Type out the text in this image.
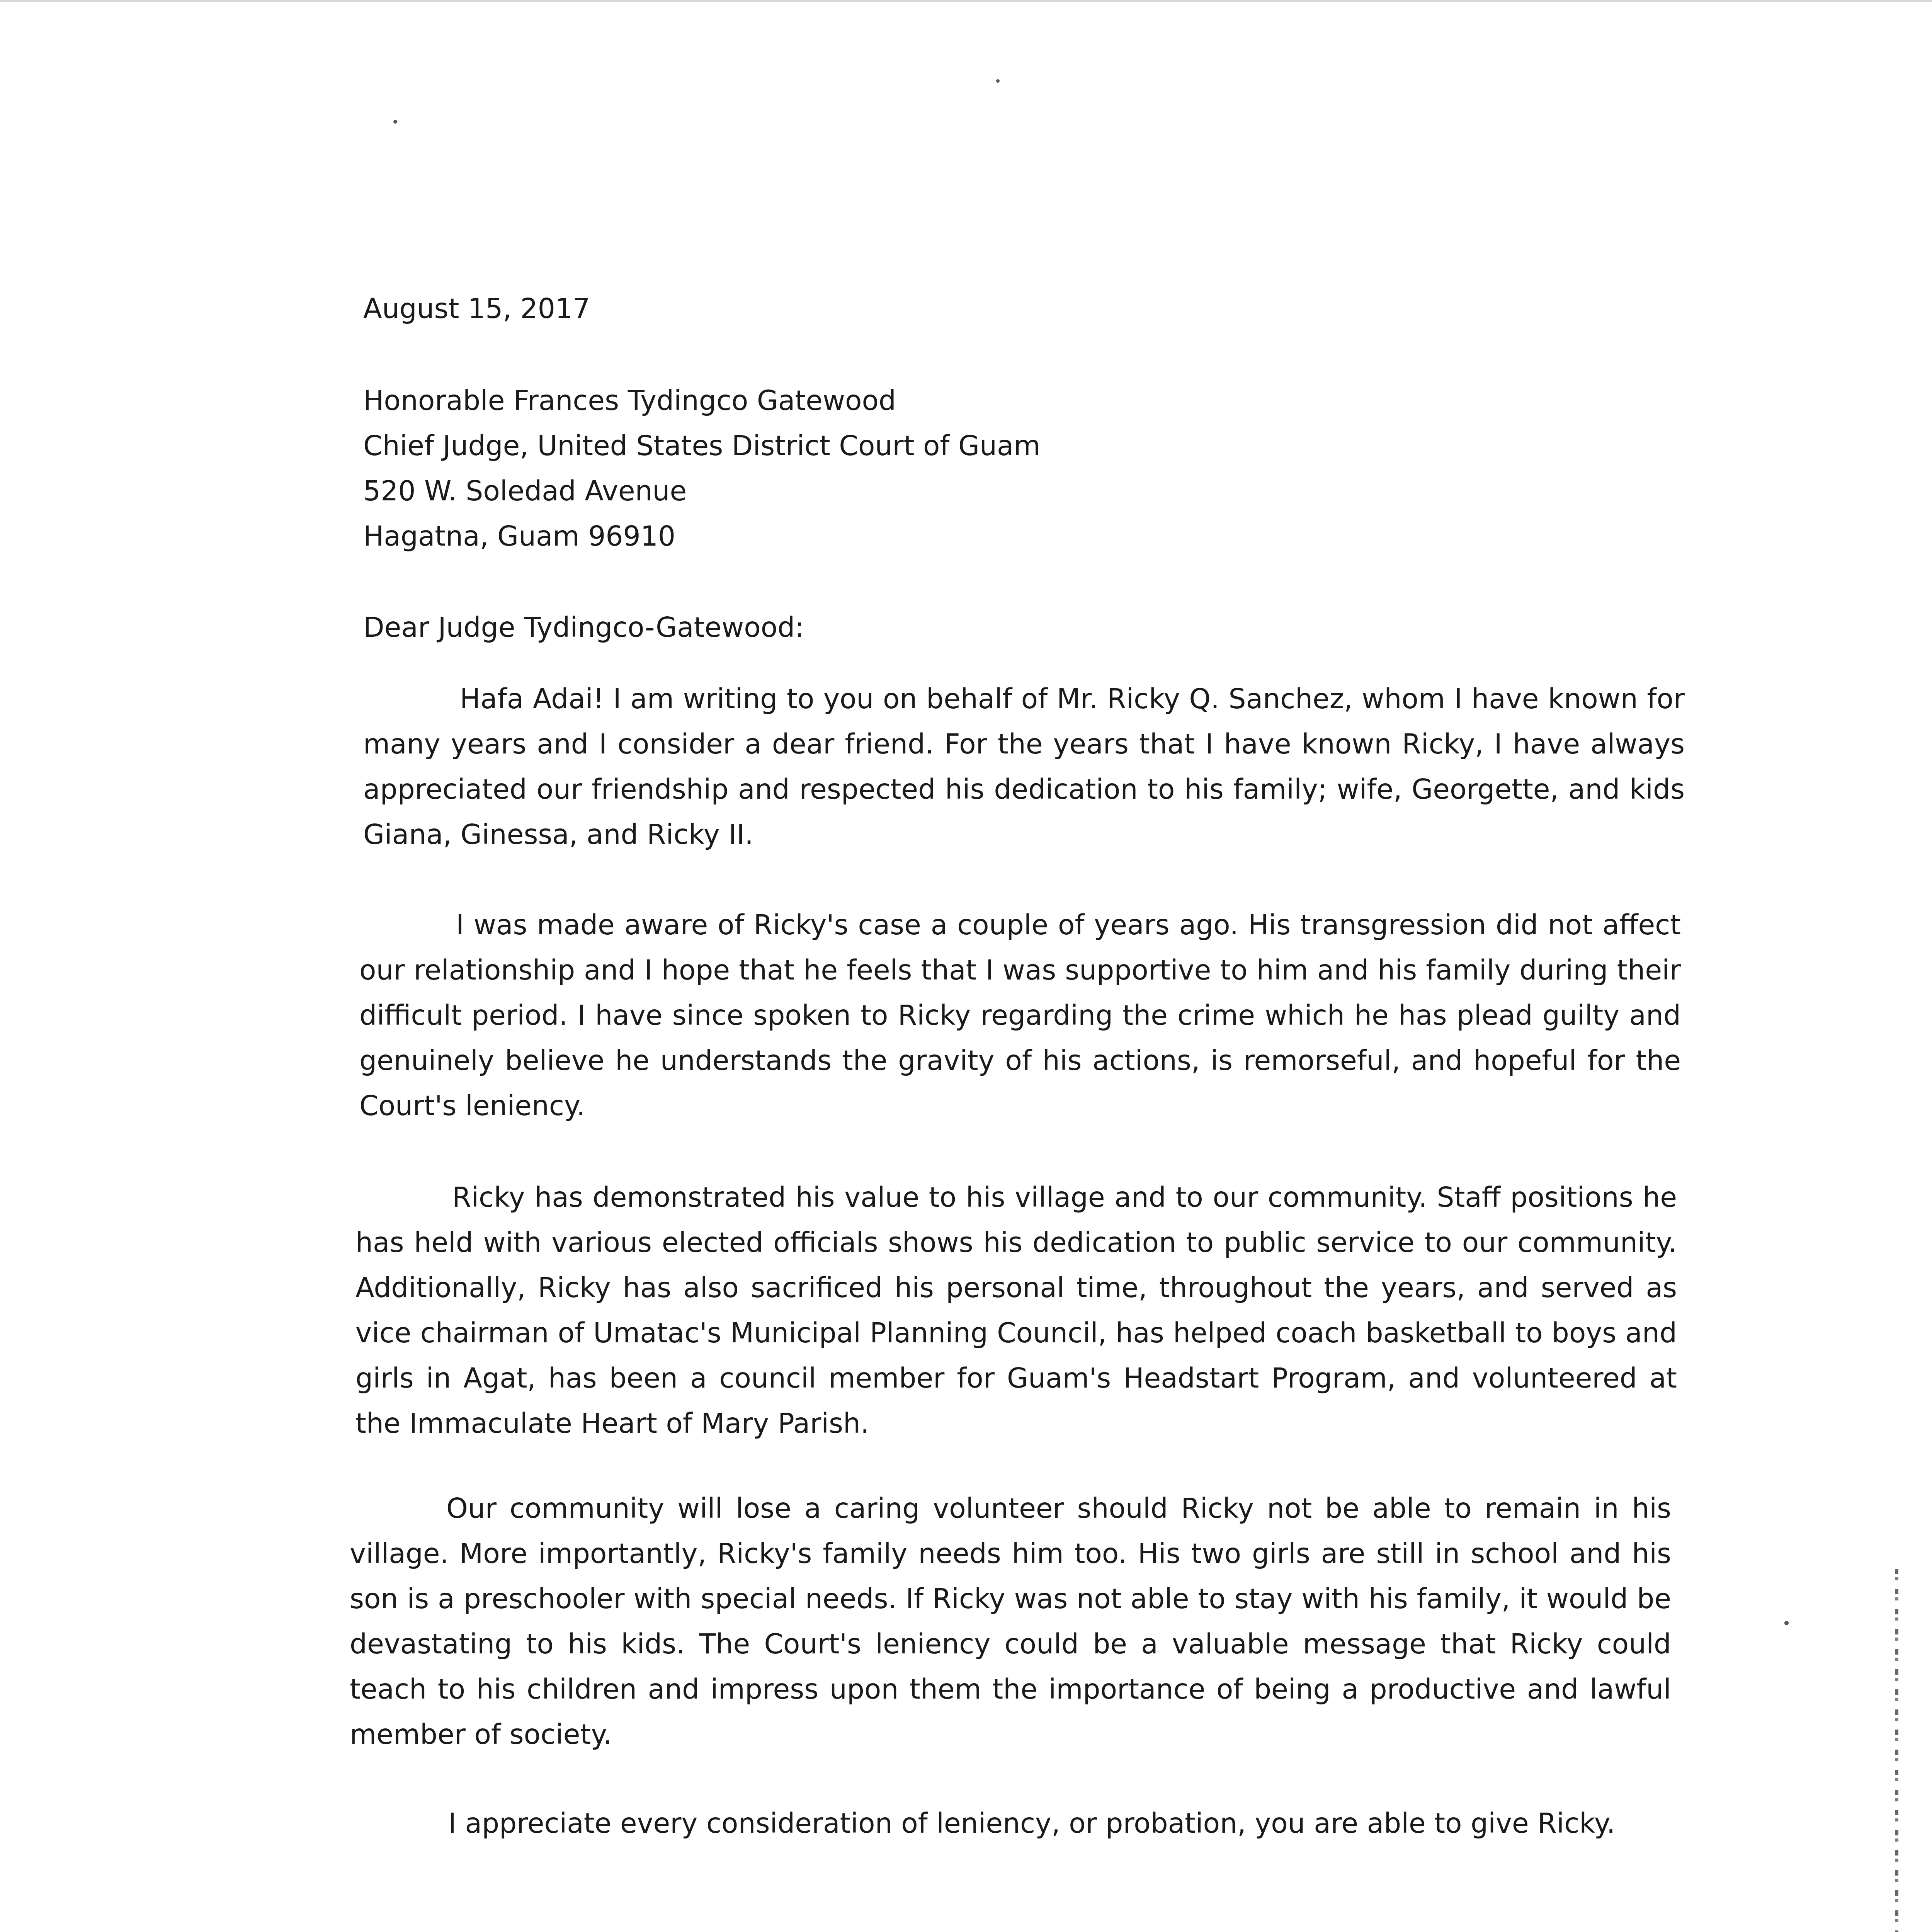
August 15, 2017
Honorable Frances Tydingco Gatewood
Chief Judge, United States District Court of Guam
520 W. Soledad Avenue
Hagatna, Guam 96910
Dear Judge Tydingco-Gatewood:
Hafa Adai! I am writing to you on behalf of Mr. Ricky Q. Sanchez, whom I have known for many years and I consider a dear friend. For the years that I have known Ricky, I have always appreciated our friendship and respected his dedication to his family; wife, Georgette, and kids Giana, Ginessa, and Ricky II.
I was made aware of Ricky's case a couple of years ago. His transgression did not affect our relationship and I hope that he feels that I was supportive to him and his family during their difficult period. I have since spoken to Ricky regarding the crime which he has plead guilty and genuinely believe he understands the gravity of his actions, is remorseful, and hopeful for the Court's leniency.
Ricky has demonstrated his value to his village and to our community. Staff positions he has held with various elected officials shows his dedication to public service to our community. Additionally, Ricky has also sacrificed his personal time, throughout the years, and served as vice chairman of Umatac's Municipal Planning Council, has helped coach basketball to boys and girls in Agat, has been a council member for Guam's Headstart Program, and volunteered at the Immaculate Heart of Mary Parish.
Our community will lose a caring volunteer should Ricky not be able to remain in his village. More importantly, Ricky's family needs him too. His two girls are still in school and his son is a preschooler with special needs. If Ricky was not able to stay with his family, it would be devastating to his kids. The Court's leniency could be a valuable message that Ricky could teach to his children and impress upon them the importance of being a productive and lawful member of society.
I appreciate every consideration of leniency, or probation, you are able to give Ricky.
